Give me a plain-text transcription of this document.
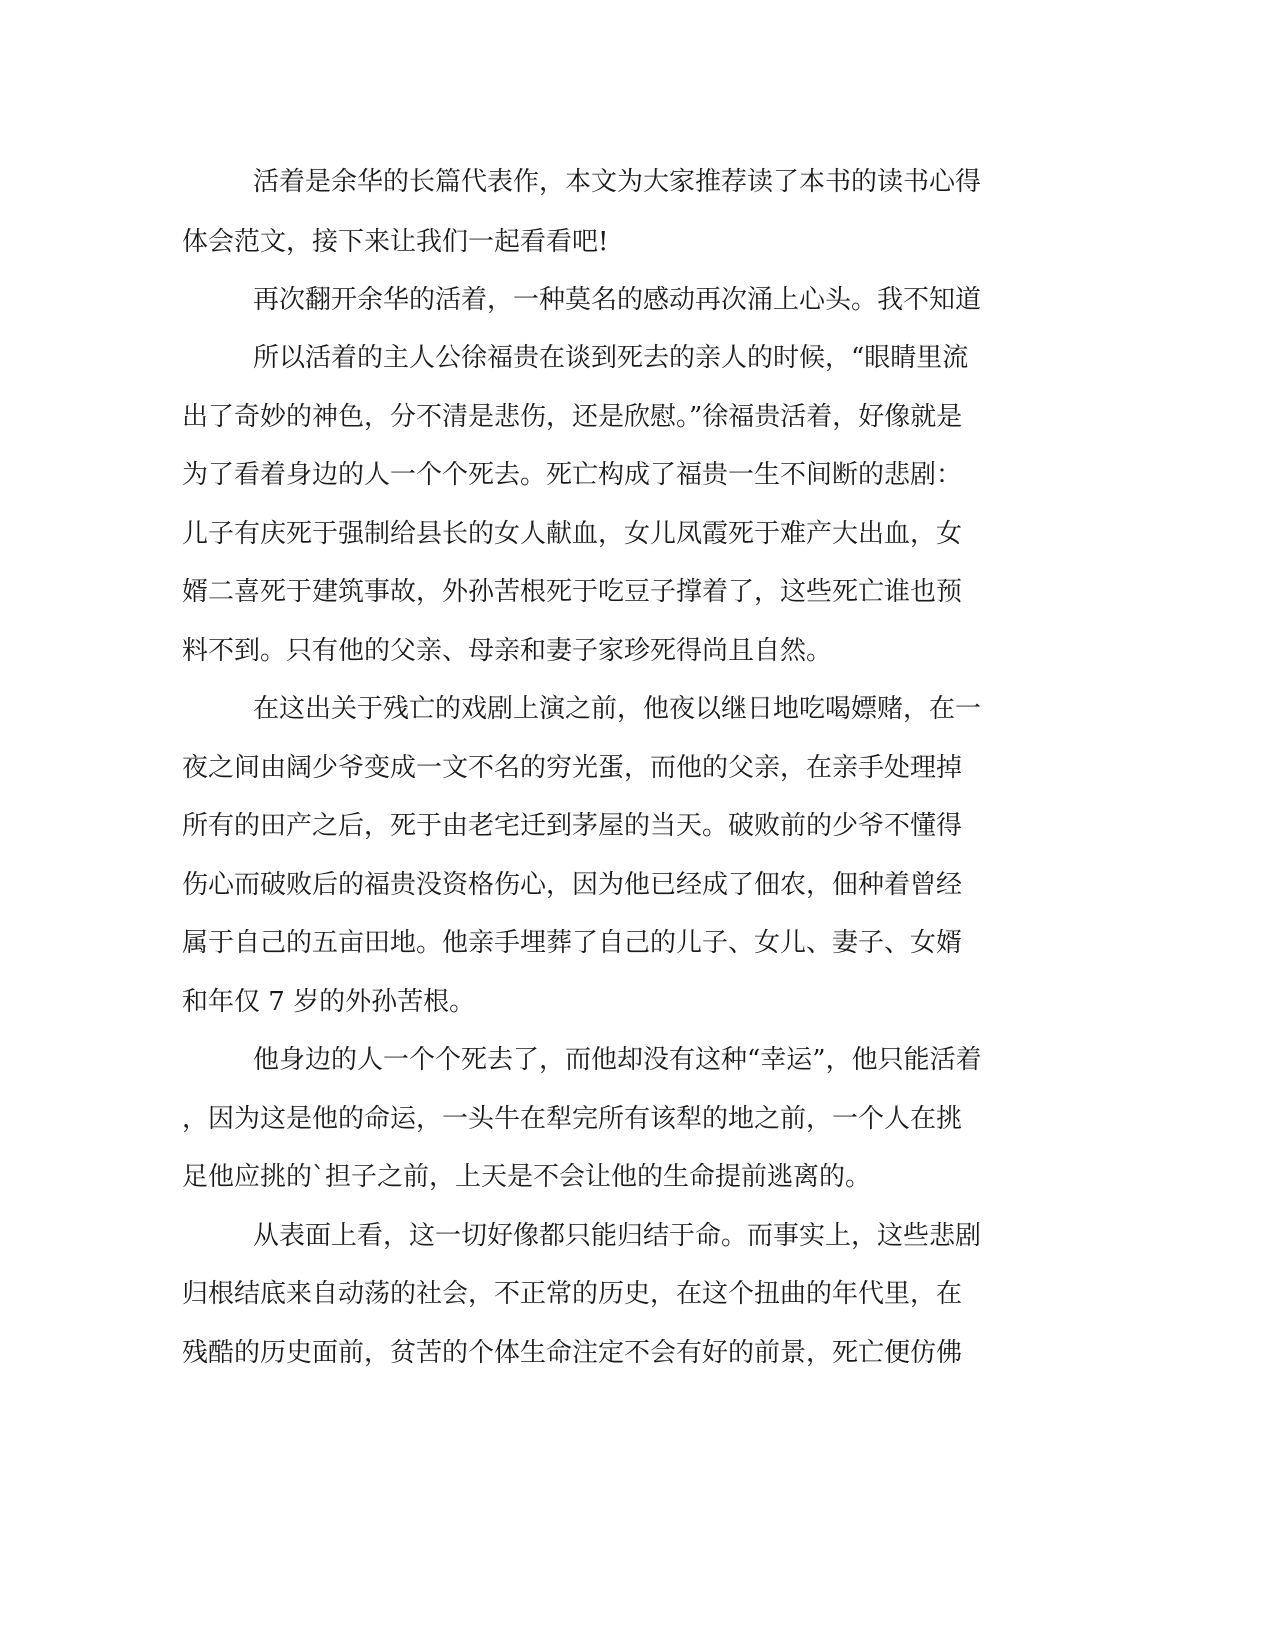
活着是余华的长篇代表作，本文为大家推荐读了本书的读书心得
体会范文，接下来让我们一起看看吧!
再次翻开余华的活着，一种莫名的感动再次涌上心头。我不知道
所以活着的主人公徐福贵在谈到死去的亲人的时候，“眼睛里流
出了奇妙的神色，分不清是悲伤，还是欣慰。”徐福贵活着，好像就是
为了看着身边的人一个个死去。死亡构成了福贵一生不间断的悲剧：
儿子有庆死于强制给县长的女人献血，女儿凤霞死于难产大出血，女
婿二喜死于建筑事故，外孙苦根死于吃豆子撑着了，这些死亡谁也预
料不到。只有他的父亲、母亲和妻子家珍死得尚且自然。
在这出关于残亡的戏剧上演之前，他夜以继日地吃喝嫖赌，在一
夜之间由阔少爷变成一文不名的穷光蛋，而他的父亲，在亲手处理掉
所有的田产之后，死于由老宅迁到茅屋的当天。破败前的少爷不懂得
伤心而破败后的福贵没资格伤心，因为他已经成了佃农，佃种着曾经
属于自己的五亩田地。他亲手埋葬了自己的儿子、女儿、妻子、女婿
和年仅 7 岁的外孙苦根。
他身边的人一个个死去了，而他却没有这种“幸运”，他只能活着
，因为这是他的命运，一头牛在犁完所有该犁的地之前，一个人在挑
足他应挑的`担子之前，上天是不会让他的生命提前逃离的。
从表面上看，这一切好像都只能归结于命。而事实上，这些悲剧
归根结底来自动荡的社会，不正常的历史，在这个扭曲的年代里，在
残酷的历史面前，贫苦的个体生命注定不会有好的前景，死亡便仿佛
